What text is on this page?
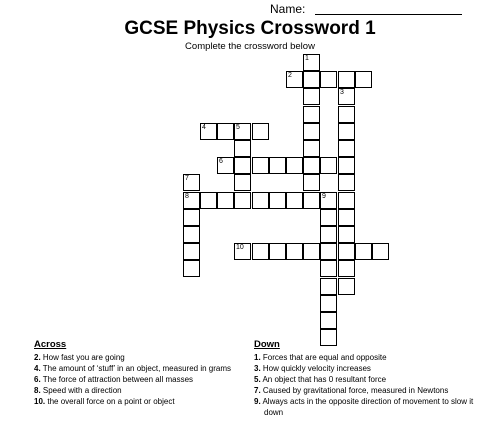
Name:
GCSE Physics Crossword 1
Complete the crossword below
1
2
3
4	5
6
7
8	9
10
Across

2. How fast you are going

4. The amount of ‘stuff’ in an object, measured in grams

6. The force of attraction between all masses

8. Speed with a direction

10. the overall force on a point or object

Down

1. Forces that are equal and opposite

3. How quickly velocity increases

5. An object that has 0 resultant force

7. Caused by gravitational force, measured in Newtons

9. Always acts in the opposite direction of movement to slow it down
